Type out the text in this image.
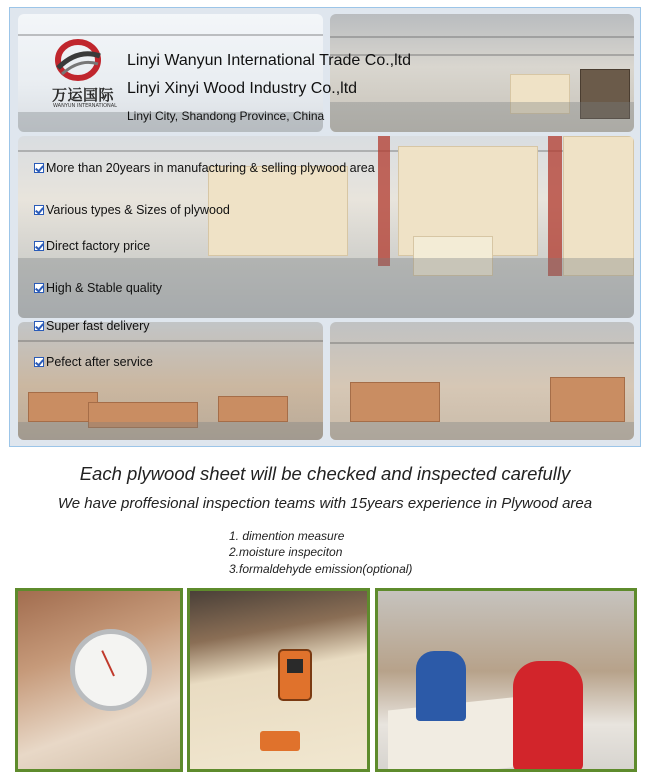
万运国际
WANYUN INTERNATIONAL
Linyi Wanyun International Trade Co.,ltd
Linyi Xinyi Wood Industry Co.,ltd
Linyi City, Shandong Province, China
More than 20years in manufacturing & selling plywood area
Various types & Sizes of plywood
Direct factory price
High & Stable quality
Super fast delivery
Pefect after service
Each plywood sheet will be checked and inspected carefully
We have proffesional inspection teams with 15years experience in Plywood area
1. dimention measure
2.moisture inspeciton
3.formaldehyde emission(optional)
